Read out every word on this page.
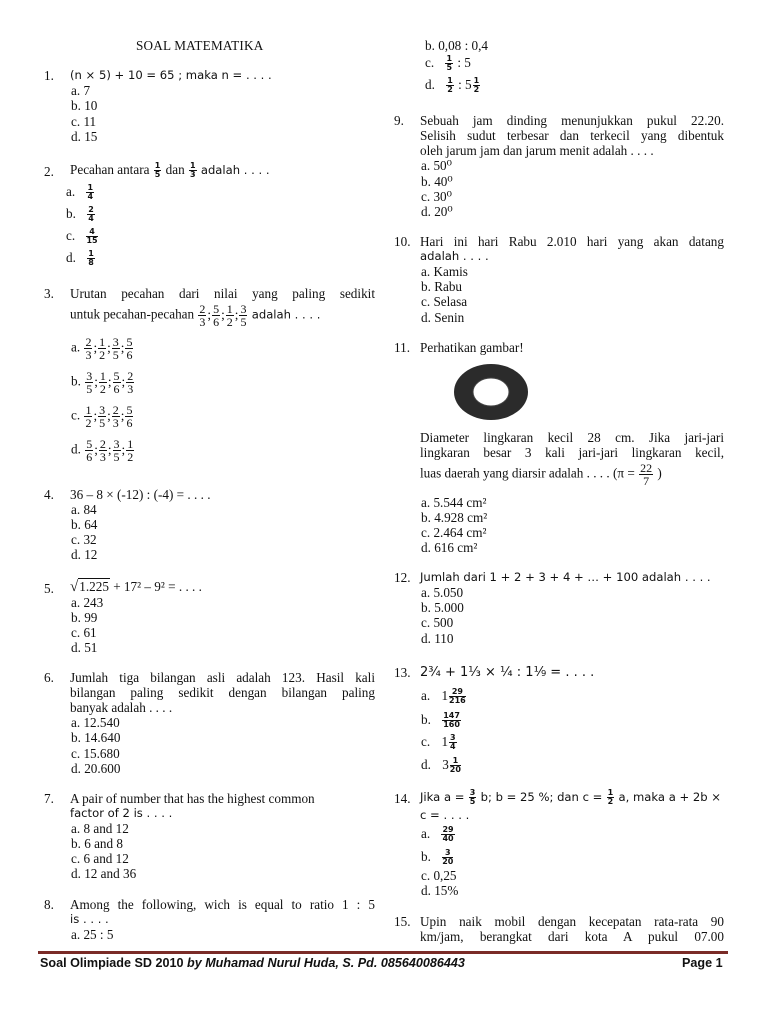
SOAL MATEMATIKA
1. (n × 5) + 10 = 65 ; maka n = . . . .
a. 7
b. 10
c. 11
d. 15
2. Pecahan antara $\frac{1}{5}$ dan $\frac{1}{3}$ adalah . . . .
a. $\frac{1}{4}$
b. $\frac{2}{4}$
c. $\frac{4}{15}$
d. $\frac{1}{8}$
3. Urutan pecahan dari nilai yang paling sedikit
untuk pecahan-pecahan $\frac{2}{3}$ ; $\frac{5}{6}$ ; $\frac{1}{2}$ ; $\frac{3}{5}$ adalah . . . .
a. $\frac{2}{3}$ ; $\frac{1}{2}$ ; $\frac{3}{5}$ ; $\frac{5}{6}$
b. $\frac{3}{5}$ ; $\frac{1}{2}$ ; $\frac{5}{6}$ ; $\frac{2}{3}$
c. $\frac{1}{2}$ ; $\frac{3}{5}$ ; $\frac{2}{3}$ ; $\frac{5}{6}$
d. $\frac{5}{6}$ ; $\frac{2}{3}$ ; $\frac{3}{5}$ ; $\frac{1}{2}$
4. 36 – 8 × (-12) : (-4) = . . . .
a. 84
b. 64
c. 32
d. 12
5. √1.225 + 17² – 9² = . . . .
a. 243
b. 99
c. 61
d. 51
6. Jumlah tiga bilangan asli adalah 123. Hasil kali
bilangan paling sedikit dengan bilangan paling
banyak adalah . . . .
a. 12.540
b. 14.640
c. 15.680
d. 20.600
7. A pair of number that has the highest common
factor of 2 is . . . .
a. 8 and 12
b. 6 and 8
c. 6 and 12
d. 12 and 36
8. Among the following, wich is equal to ratio 1 : 5
is . . . .
a. 25 : 5
b. 0,08 : 0,4
c. $\frac{1}{5}$ : 5
d. $\frac{1}{2}$ : $5 \frac{1}{2}$
9. Sebuah jam dinding menunjukkan pukul 22.20.
Selisih sudut terbesar dan terkecil yang dibentuk
oleh jarum jam dan jarum menit adalah . . . .
a. 50⁰
b. 40⁰
c. 30⁰
d. 20⁰
10. Hari ini hari Rabu 2.010 hari yang akan datang
adalah . . . .
a. Kamis
b. Rabu
c. Selasa
d. Senin
11. Perhatikan gambar!
Diameter lingkaran kecil 28 cm. Jika jari-jari
lingkaran besar 3 kali jari-jari lingkaran kecil,
luas daerah yang diarsir adalah . . . . ($\pi = \frac{22}{7}$ )
a. 5.544 cm²
b. 4.928 cm²
c. 2.464 cm²
d. 616 cm²
12. Jumlah dari 1 + 2 + 3 + 4 + … + 100 adalah . . . .
a. 5.050
b. 5.000
c. 500
d. 110
13. 2¾ + 1⅓ × ¼ : 1⅑ = . . . .
a. $1 \frac{29}{216}$
b. $\frac{147}{160}$
c. $1 \frac{3}{4}$
d. $3 \frac{1}{20}$
14. Jika $a = \frac{3}{5} b$; b = 25 %; dan $c = \frac{1}{2} a$, maka a + 2b ×
c = . . . .
a. $\frac{29}{40}$
b. $\frac{3}{20}$
c. 0,25
d. 15%
15. Upin naik mobil dengan kecepatan rata-rata 90
km/jam, berangkat dari kota A pukul 07.00
Soal Olimpiade SD 2010 by Muhamad Nurul Huda, S. Pd. 085640086443	Page 1
